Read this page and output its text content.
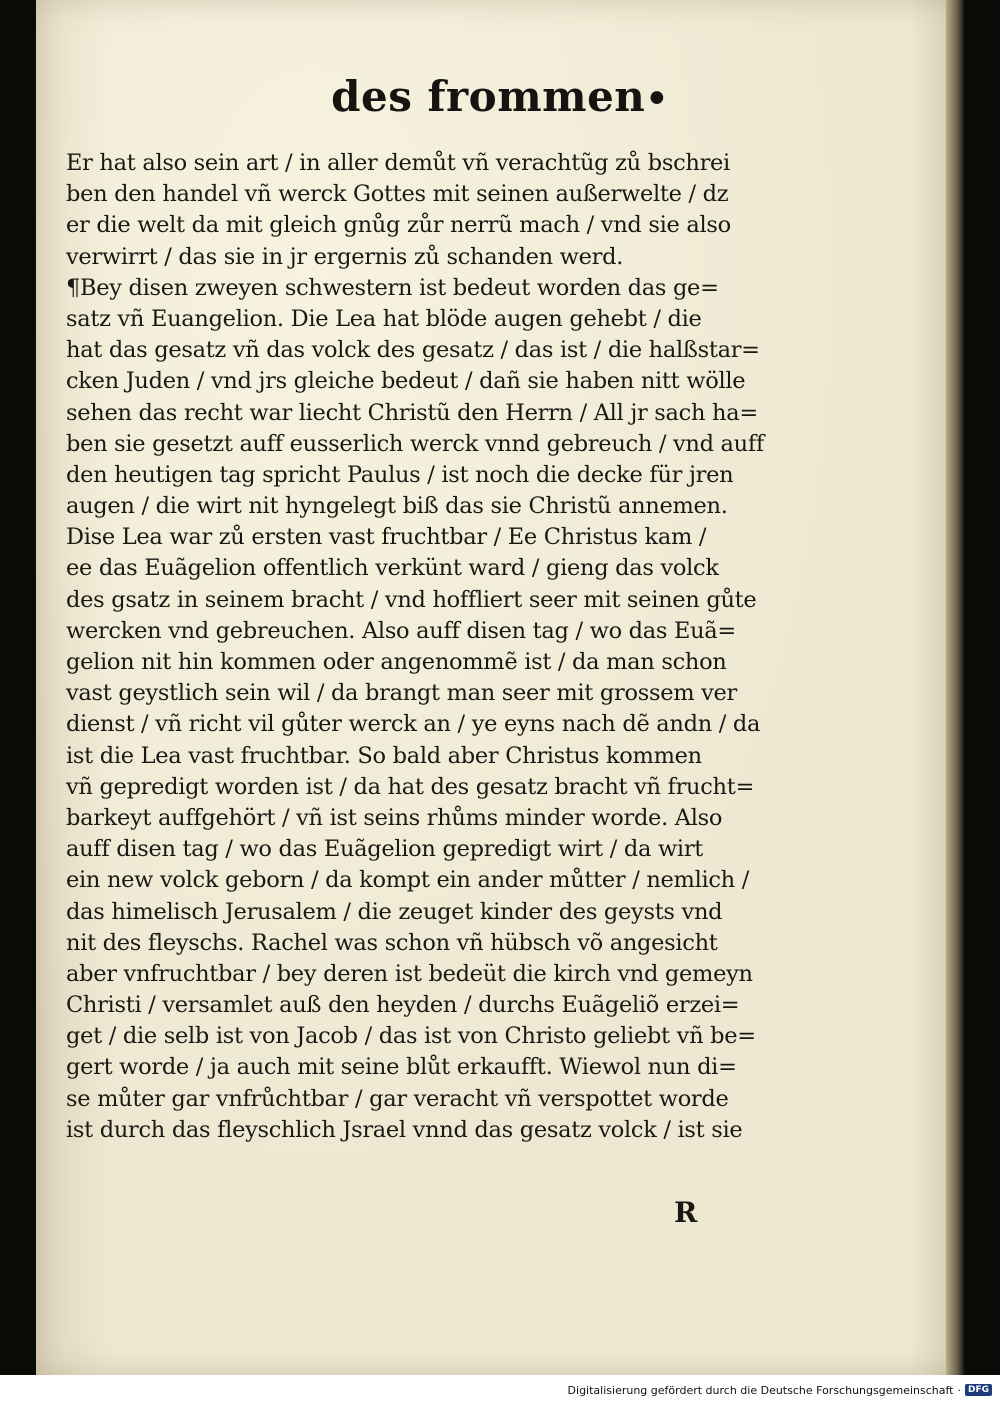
des frommen•
Er hat also sein art / in aller demůt vñ verachtũg zů bschrei
ben den handel vñ werck Gottes mit seinen außerwelte / dz
er die welt da mit gleich gnůg zůr nerrũ mach / vnd sie also
verwirrt / das sie in jr ergernis zů schanden werd.
¶Bey disen zweyen schwestern ist bedeut worden das ge=
satz vñ Euangelion. Die Lea hat blöde augen gehebt / die
hat das gesatz vñ das volck des gesatz / das ist / die halßstar=
cken Juden / vnd jrs gleiche bedeut / dañ sie haben nitt wölle
sehen das recht war liecht Christũ den Herrn / All jr sach ha=
ben sie gesetzt auff eusserlich werck vnnd gebreuch / vnd auff
den heutigen tag spricht Paulus / ist noch die decke für jren
augen / die wirt nit hyngelegt biß das sie Christũ annemen.
Dise Lea war zů ersten vast fruchtbar / Ee Christus kam /
ee das Euãgelion offentlich verkünt ward / gieng das volck
des gsatz in seinem bracht / vnd hoffliert seer mit seinen gůte
wercken vnd gebreuchen. Also auff disen tag / wo das Euã=
gelion nit hin kommen oder angenommẽ ist / da man schon
vast geystlich sein wil / da brangt man seer mit grossem ver
dienst / vñ richt vil gůter werck an / ye eyns nach dẽ andn / da
ist die Lea vast fruchtbar. So bald aber Christus kommen
vñ gepredigt worden ist / da hat des gesatz bracht vñ frucht=
barkeyt auffgehört / vñ ist seins rhůms minder worde. Also
auff disen tag / wo das Euãgelion gepredigt wirt / da wirt
ein new volck geborn / da kompt ein ander můtter / nemlich /
das himelisch Jerusalem / die zeuget kinder des geysts vnd
nit des fleyschs. Rachel was schon vñ hübsch võ angesicht
aber vnfruchtbar / bey deren ist bedeüt die kirch vnd gemeyn
Christi / versamlet auß den heyden / durchs Euãgeliõ erzei=
get / die selb ist von Jacob / das ist von Christo geliebt vñ be=
gert worde / ja auch mit seine blůt erkaufft. Wiewol nun di=
se můter gar vnfrůchtbar / gar veracht vñ verspottet worde
ist durch das fleyschlich Jsrael vnnd das gesatz volck / ist sie
R
Digitalisierung gefördert durch die Deutsche Forschungsgemeinschaft · DFG
